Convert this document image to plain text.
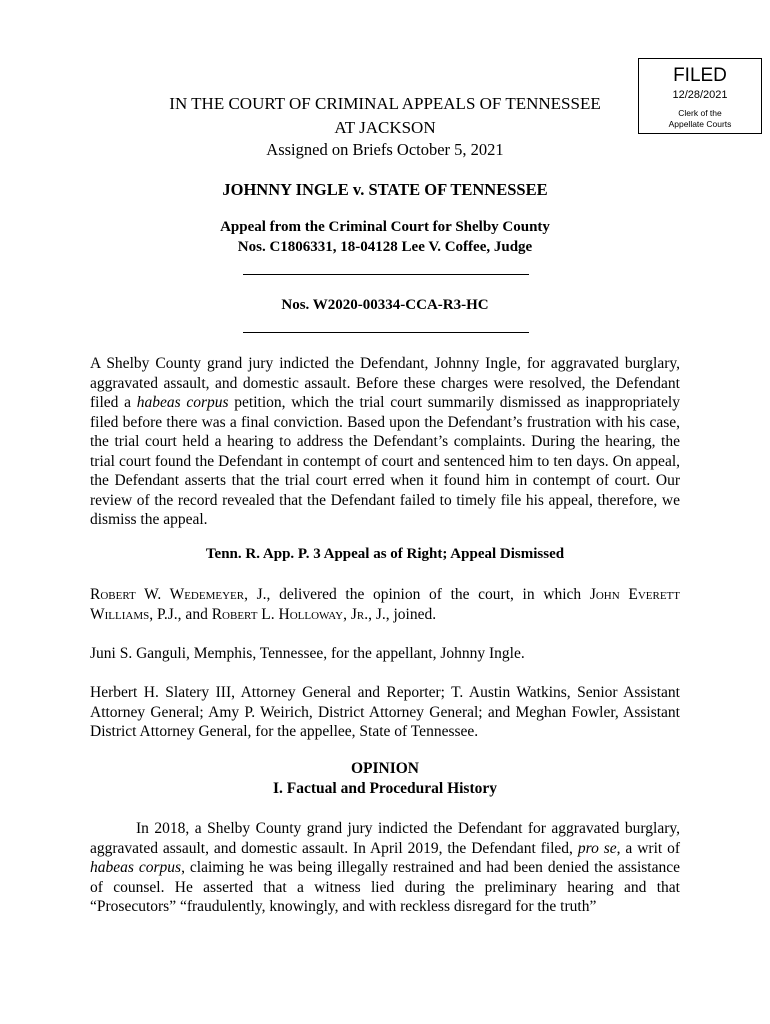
FILED
12/28/2021
Clerk of the
Appellate Courts
IN THE COURT OF CRIMINAL APPEALS OF TENNESSEE
AT JACKSON
Assigned on Briefs October 5, 2021
JOHNNY INGLE v. STATE OF TENNESSEE
Appeal from the Criminal Court for Shelby County
Nos. C1806331, 18-04128 Lee V. Coffee, Judge
Nos. W2020-00334-CCA-R3-HC
A Shelby County grand jury indicted the Defendant, Johnny Ingle, for aggravated burglary, aggravated assault, and domestic assault. Before these charges were resolved, the Defendant filed a habeas corpus petition, which the trial court summarily dismissed as inappropriately filed before there was a final conviction. Based upon the Defendant’s frustration with his case, the trial court held a hearing to address the Defendant’s complaints. During the hearing, the trial court found the Defendant in contempt of court and sentenced him to ten days. On appeal, the Defendant asserts that the trial court erred when it found him in contempt of court. Our review of the record revealed that the Defendant failed to timely file his appeal, therefore, we dismiss the appeal.
Tenn. R. App. P. 3 Appeal as of Right; Appeal Dismissed
Robert W. Wedemeyer, J., delivered the opinion of the court, in which John Everett Williams, P.J., and Robert L. Holloway, Jr., J., joined.
Juni S. Ganguli, Memphis, Tennessee, for the appellant, Johnny Ingle.
Herbert H. Slatery III, Attorney General and Reporter; T. Austin Watkins, Senior Assistant Attorney General; Amy P. Weirich, District Attorney General; and Meghan Fowler, Assistant District Attorney General, for the appellee, State of Tennessee.
OPINION
I. Factual and Procedural History
In 2018, a Shelby County grand jury indicted the Defendant for aggravated burglary, aggravated assault, and domestic assault. In April 2019, the Defendant filed, pro se, a writ of habeas corpus, claiming he was being illegally restrained and had been denied the assistance of counsel. He asserted that a witness lied during the preliminary hearing and that “Prosecutors” “fraudulently, knowingly, and with reckless disregard for the truth”
